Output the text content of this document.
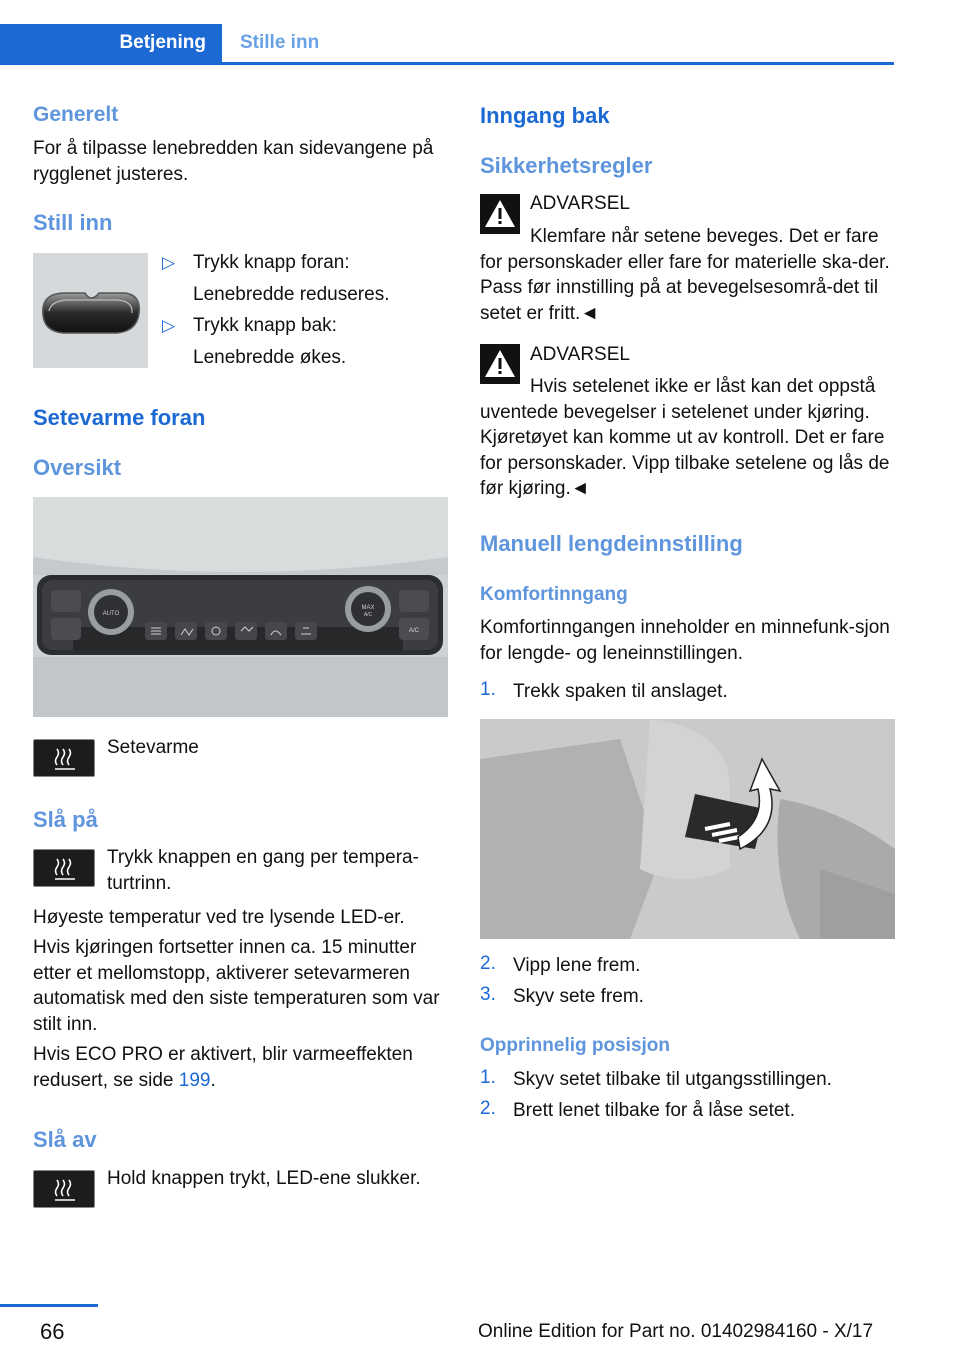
Betjening Stille inn
Generelt
For å tilpasse lenebredden kan sidevangene på rygglenet justeres.
Still inn
▷ Trykk knapp foran:
Lenebredde reduseres.
▷ Trykk knapp bak:
Lenebredde økes.
Setevarme foran
Oversikt
AUTO
MAX
A/C
A/C
Setevarme
Slå på
Trykk knappen en gang per tempera‐turtrinn.
Høyeste temperatur ved tre lysende LED-er.
Hvis kjøringen fortsetter innen ca. 15 minutter etter et mellomstopp, aktiverer setevarmeren automatisk med den siste temperaturen som var stilt inn.
Hvis ECO PRO er aktivert, blir varmeeffekten redusert, se side 199.
Slå av
Hold knappen trykt, LED-ene slukker.
Inngang bak
Sikkerhetsregler
ADVARSEL
Klemfare når setene beveges. Det er fare for personskader eller fare for materielle ska‐der. Pass før innstilling på at bevegelsesområ‐det til setet er fritt.◄
ADVARSEL
Hvis setelenet ikke er låst kan det oppstå uventede bevegelser i setelenet under kjøring. Kjøretøyet kan komme ut av kontroll. Det er fare for personskader. Vipp tilbake setelene og lås de før kjøring.◄
Manuell lengdeinnstilling
Komfortinngang
Komfortinngangen inneholder en minnefunk‐sjon for lengde- og leneinnstillingen.
1. Trekk spaken til anslaget.
2. Vipp lene frem.
3. Skyv sete frem.
Opprinnelig posisjon
1. Skyv setet tilbake til utgangsstillingen.
2. Brett lenet tilbake for å låse setet.
66	Online Edition for Part no. 01402984160 - X/17
